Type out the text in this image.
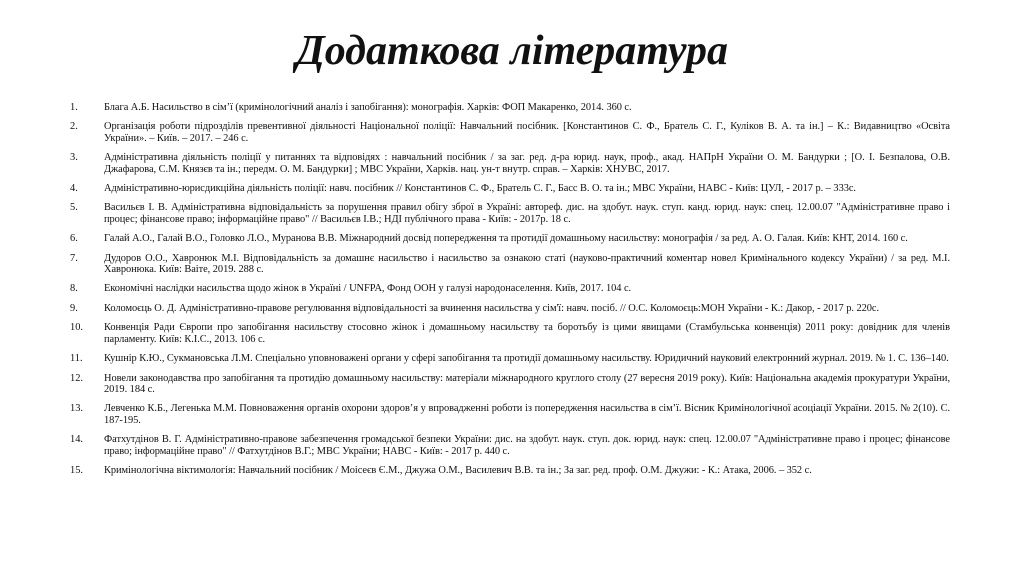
Додаткова література
1.	Блага А.Б. Насильство в сім’ї (кримінологічний аналіз і запобігання): монографія. Харків: ФОП Макаренко, 2014. 360 с.
2.	Організація роботи підрозділів превентивної діяльності Національної поліції: Навчальний посібник. [Константинов С. Ф., Братель С. Г., Куліков В. А. та ін.] – К.: Видавництво «Освіта України». – Київ. – 2017. – 246 с.
3.	Адміністративна діяльність поліції у питаннях та відповідях : навчальний посібник / за заг. ред. д-ра юрид. наук, проф., акад. НАПрН України О. М. Бандурки ; [О. І. Безпалова, О.В. Джафарова, С.М. Князєв та ін.; передм. О. М. Бандурки] ; МВС України, Харків. нац. ун-т внутр. справ. – Харків: ХНУВС, 2017.
4.	Адміністративно-юрисдикційна діяльність поліції: навч. посібник // Константинов С. Ф., Братель С. Г., Басс В. О. та ін.; МВС України, НАВС - Київ: ЦУЛ, - 2017 р. – 333с.
5.	Васильєв І. В. Адміністративна відповідальність за порушення правил обігу зброї в Україні: автореф. дис. на здобут. наук. ступ. канд. юрид. наук: спец. 12.00.07 "Адміністративне право і процес; фінансове право; інформаційне право" // Васильєв І.В.; НДІ публічного права - Київ: - 2017р. 18 с.
6.	Галай А.О., Галай В.О., Головко Л.О., Муранова В.В. Міжнародний досвід попередження та протидії домашньому насильству: монографія / за ред. А. О. Галая. Київ: КНТ, 2014. 160 с.
7.	Дудоров О.О., Хавронюк М.І. Відповідальність за домашнє насильство і насильство за ознакою статі (науково-практичний коментар новел Кримінального кодексу України) / за ред. М.І. Хавронюка. Київ: Ваіте, 2019. 288 с.
8.	Економічні наслідки насильства щодо жінок в Україні / UNFPA, Фонд ООН у галузі народонаселення. Київ, 2017. 104 с.
9.	Коломоєць О. Д. Адміністративно-правове регулювання відповідальності за вчинення насильства у сім'ї: навч. посіб. // О.С. Коломоєць:МОН України - К.: Дакор, - 2017 р. 220с.
10.	Конвенція Ради Європи про запобігання насильству стосовно жінок і домашньому насильству та боротьбу із цими явищами (Стамбульська конвенція) 2011 року: довідник для членів парламенту. Київ: К.І.С., 2013. 106 с.
11.	Кушнір К.Ю., Сукмановська Л.М. Спеціально уповноважені органи у сфері запобігання та протидії домашньому насильству. Юридичний науковий електронний журнал. 2019. № 1. С. 136–140.
12.	Новели законодавства про запобігання та протидію домашньому насильству: матеріали міжнародного круглого столу (27 вересня 2019 року). Київ: Національна академія прокуратури України, 2019. 184 с.
13.	Левченко К.Б., Легенька М.М. Повноваження органів охорони здоров’я у впровадженні роботи із попередження насильства в сім’ї. Вісник Кримінологічної асоціації України. 2015. № 2(10). С. 187-195.
14.	Фатхутдінов В. Г. Адміністративно-правове забезпечення громадської безпеки України: дис. на здобут. наук. ступ. док. юрид. наук: спец. 12.00.07 "Адміністративне право і процес; фінансове право; інформаційне право" // Фатхутдінов В.Г.; МВС України; НАВС - Київ: - 2017 р. 440 с.
15.	Кримінологічна віктимологія: Навчальний посібник / Моісеєв Є.М., Джужа О.М., Василевич В.В. та ін.; За заг. ред. проф. О.М. Джужи: - К.: Атака, 2006. – 352 с.
